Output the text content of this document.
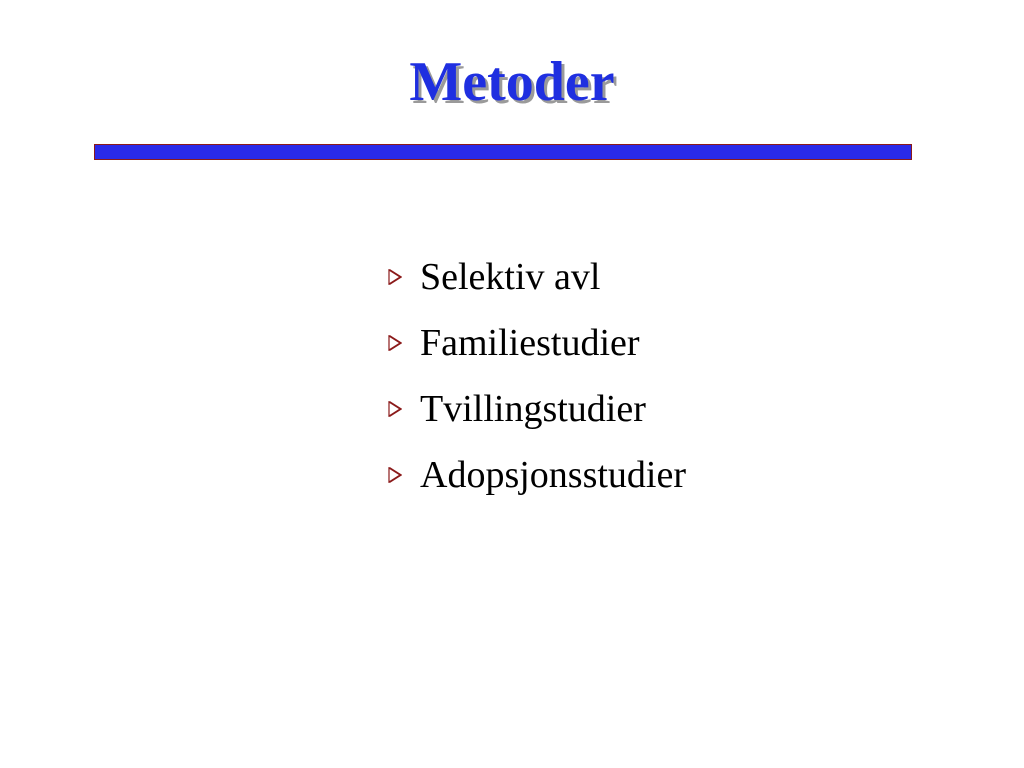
Metoder
Selektiv avl
Familiestudier
Tvillingstudier
Adopsjonsstudier
